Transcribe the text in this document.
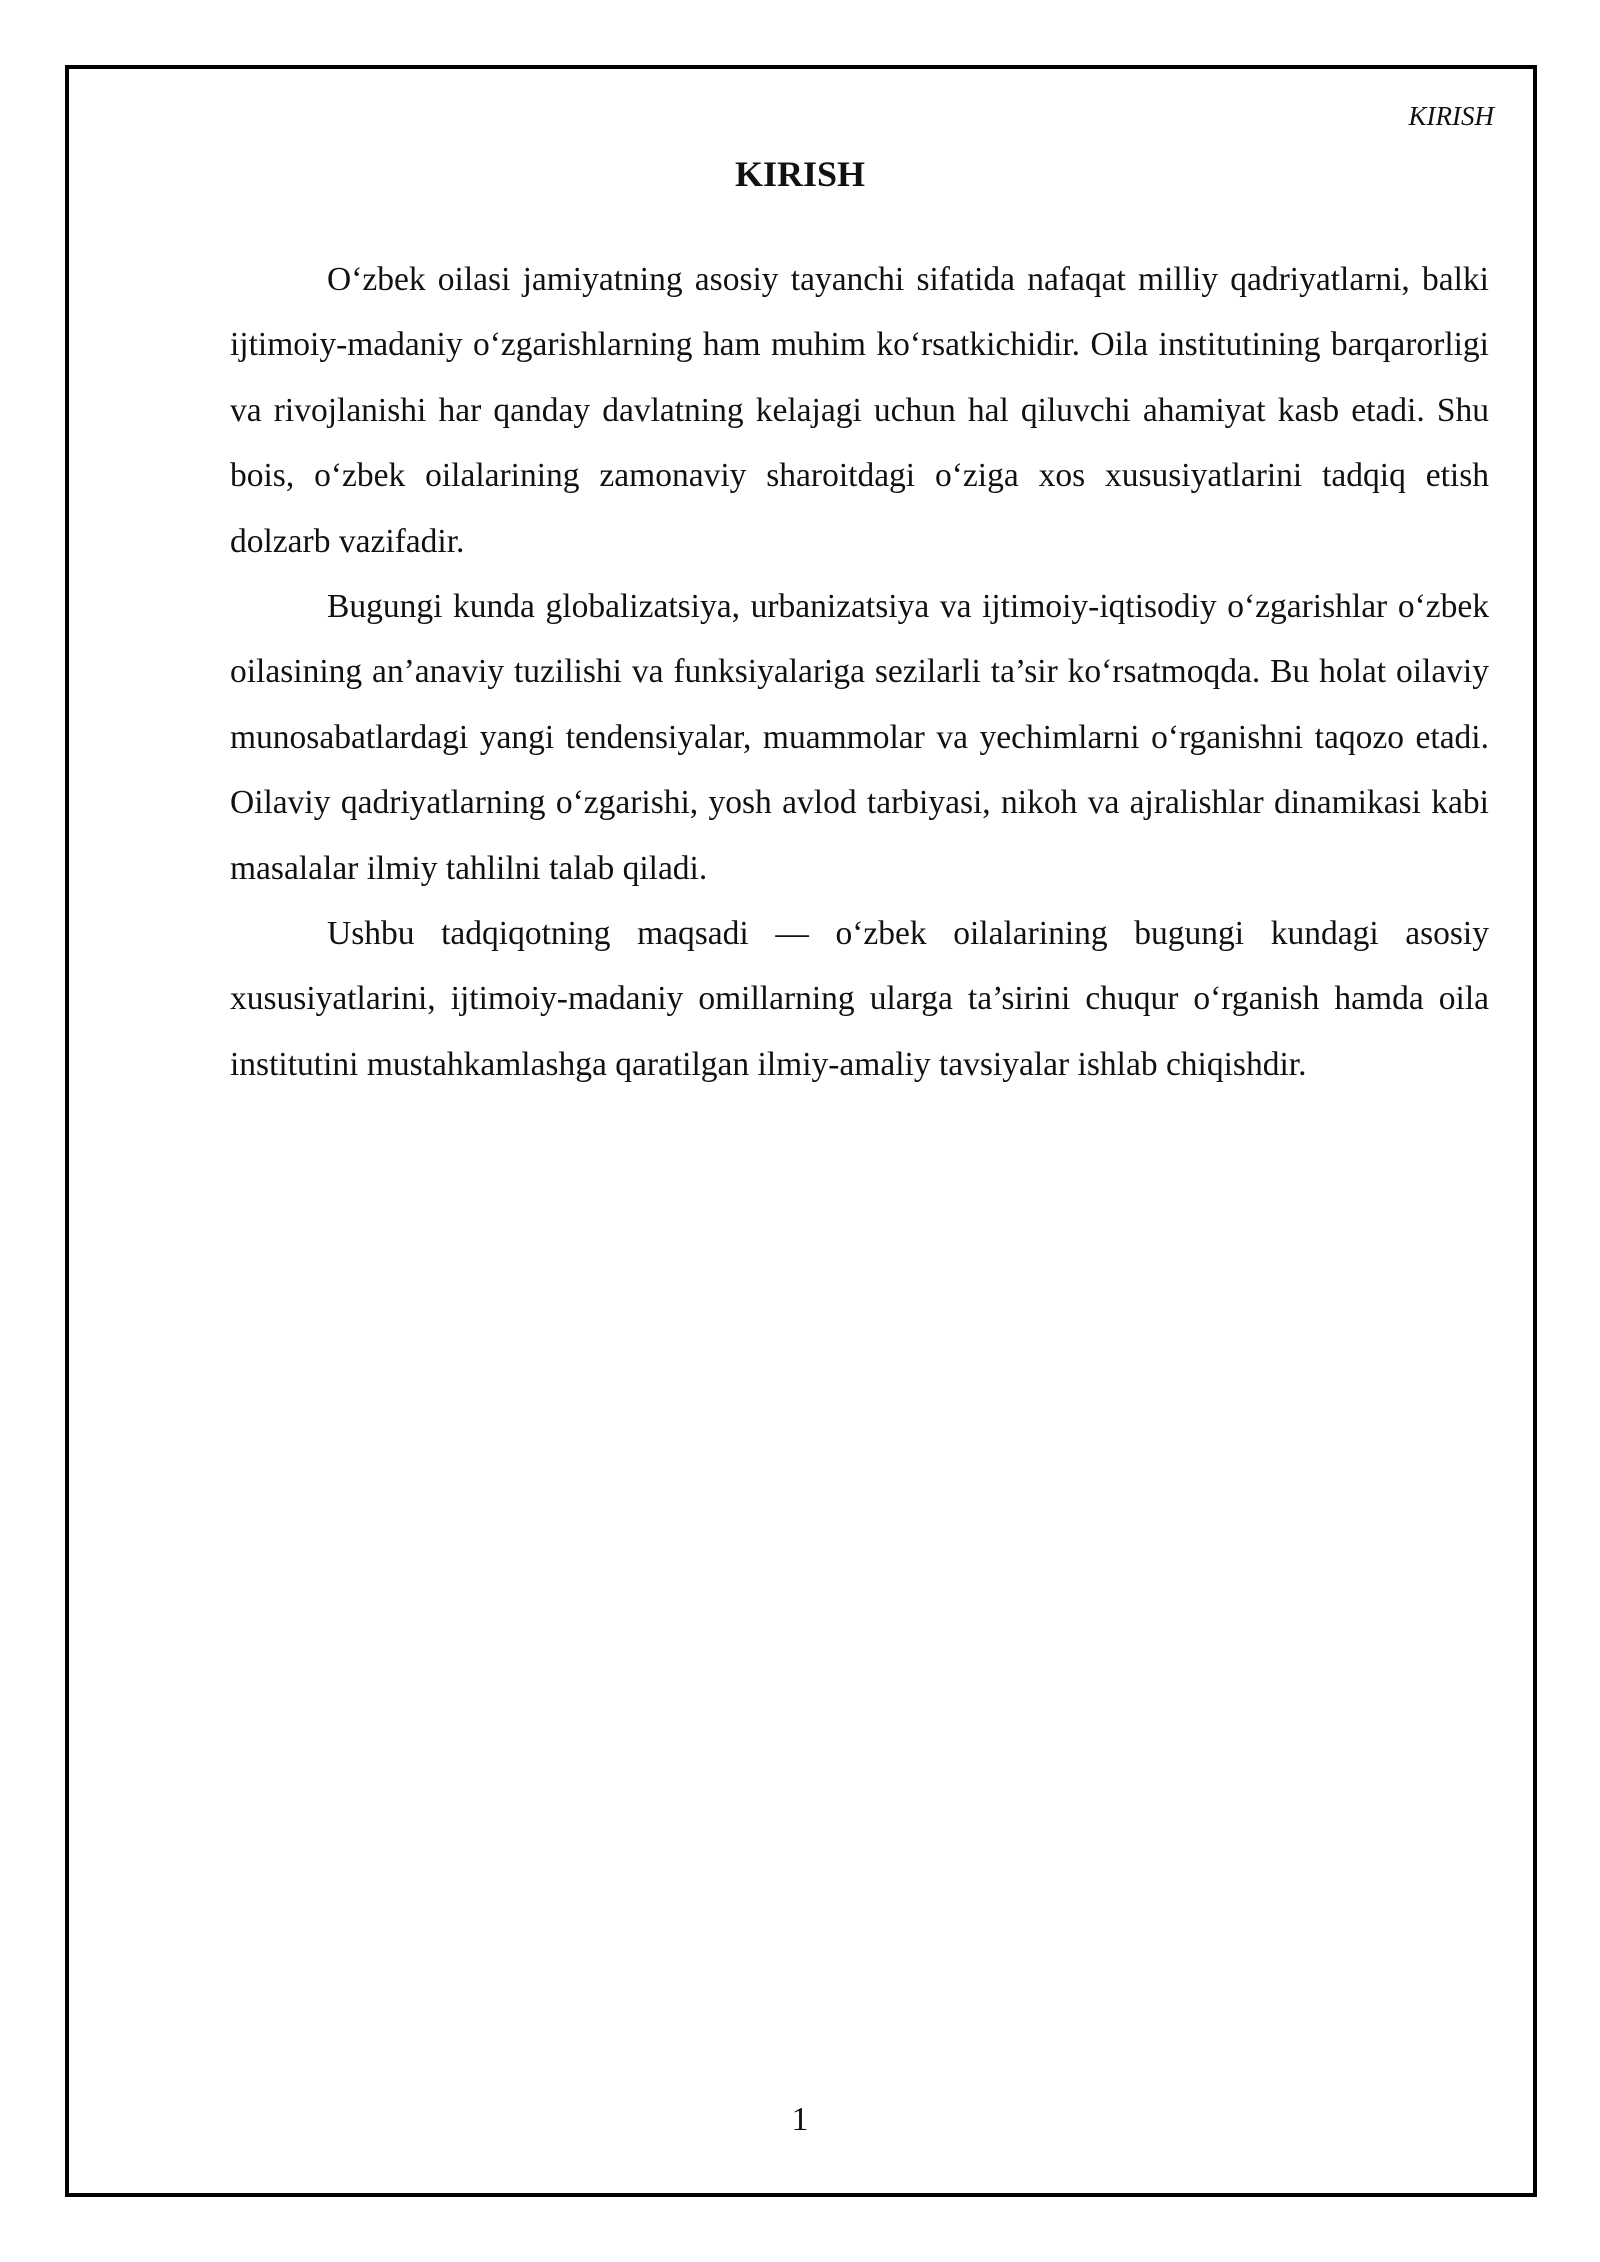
KIRISH
KIRISH

O‘zbek oilasi jamiyatning asosiy tayanchi sifatida nafaqat milliy qadriyatlarni, balki ijtimoiy-madaniy o‘zgarishlarning ham muhim ko‘rsatkichidir. Oila institutining barqarorligi va rivojlanishi har qanday davlatning kelajagi uchun hal qiluvchi ahamiyat kasb etadi. Shu bois, o‘zbek oilalarining zamonaviy sharoitdagi o‘ziga xos xususiyatlarini tadqiq etish dolzarb vazifadir.

Bugungi kunda globalizatsiya, urbanizatsiya va ijtimoiy-iqtisodiy o‘zgarishlar o‘zbek oilasining an’anaviy tuzilishi va funksiyalariga sezilarli ta’sir ko‘rsatmoqda. Bu holat oilaviy munosabatlardagi yangi tendensiyalar, muammolar va yechimlarni o‘rganishni taqozo etadi. Oilaviy qadriyatlarning o‘zgarishi, yosh avlod tarbiyasi, nikoh va ajralishlar dinamikasi kabi masalalar ilmiy tahlilni talab qiladi.

Ushbu tadqiqotning maqsadi — o‘zbek oilalarining bugungi kundagi asosiy xususiyatlarini, ijtimoiy-madaniy omillarning ularga ta’sirini chuqur o‘rganish hamda oila institutini mustahkamlashga qaratilgan ilmiy-amaliy tavsiyalar ishlab chiqishdir.

1
